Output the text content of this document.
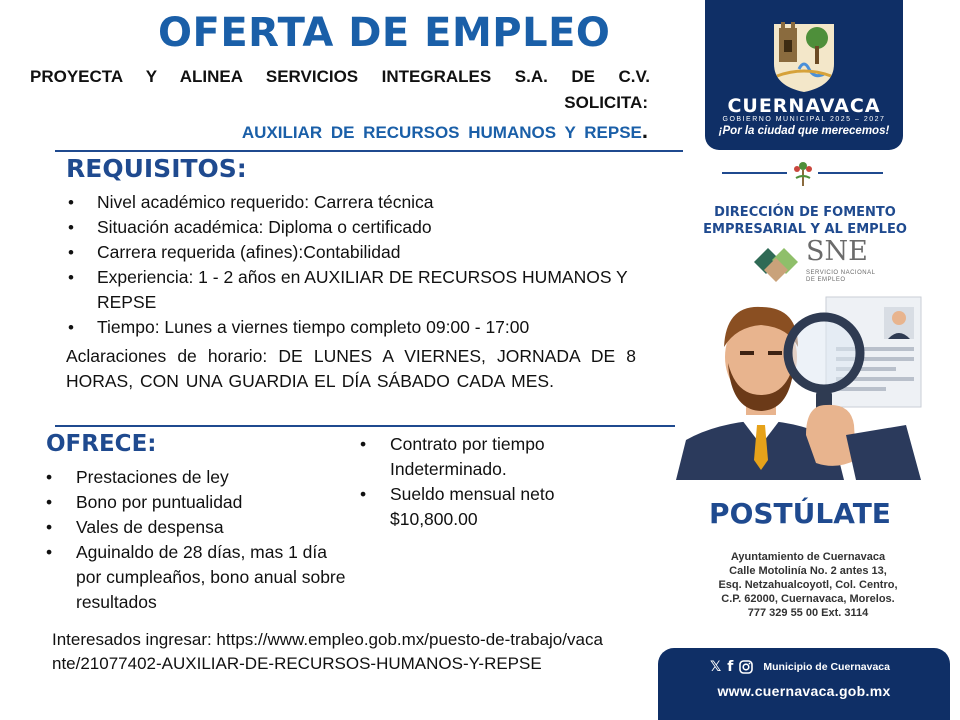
OFERTA DE EMPLEO
PROYECTA Y ALINEA SERVICIOS INTEGRALES S.A. DE C.V.
SOLICITA:
AUXILIAR DE RECURSOS HUMANOS Y REPSE.
REQUISITOS:
• Nivel académico requerido: Carrera técnica
• Situación académica: Diploma o certificado
• Carrera requerida (afines):Contabilidad
• Experiencia: 1 - 2 años en AUXILIAR DE RECURSOS HUMANOS Y REPSE
• Tiempo: Lunes a viernes tiempo completo 09:00 - 17:00
Aclaraciones de horario: DE LUNES A VIERNES, JORNADA DE 8 HORAS, CON UNA GUARDIA EL DÍA SÁBADO CADA MES.
OFRECE:
• Prestaciones de ley
• Bono por puntualidad
• Vales de despensa
• Aguinaldo de 28 días, mas 1 día por cumpleaños, bono anual sobre resultados
• Contrato por tiempo Indeterminado.
• Sueldo mensual neto $10,800.00
Interesados ingresar: https://www.empleo.gob.mx/puesto-de-trabajo/vacante/21077402-AUXILIAR-DE-RECURSOS-HUMANOS-Y-REPSE
CUERNAVACA
GOBIERNO MUNICIPAL 2025 – 2027
¡Por la ciudad que merecemos!
DIRECCIÓN DE FOMENTO EMPRESARIAL Y AL EMPLEO
SNE
SERVICIO NACIONAL
DE EMPLEO
POSTÚLATE
Ayuntamiento de Cuernavaca
Calle Motolinía No. 2 antes 13,
Esq. Netzahualcoyotl, Col. Centro,
C.P. 62000, Cuernavaca, Morelos.
777 329 55 00 Ext. 3114
𝕏 f	Municipio de Cuernavaca
www.cuernavaca.gob.mx
